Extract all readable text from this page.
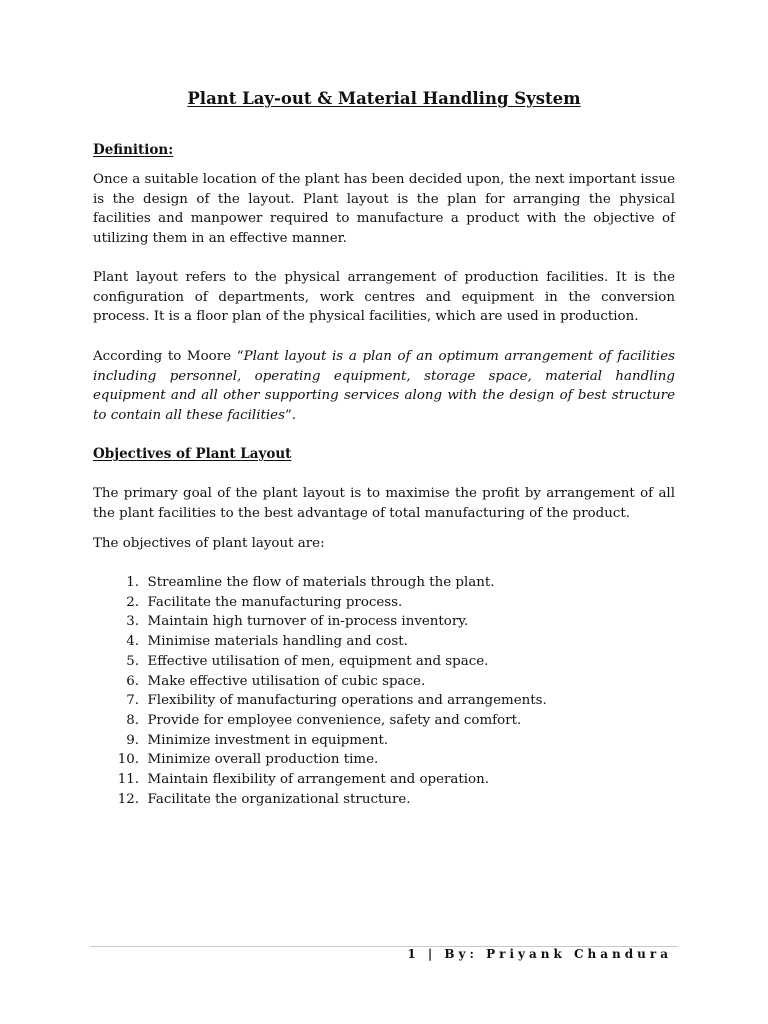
Plant Lay-out & Material Handling System
Definition:

Once a suitable location of the plant has been decided upon, the next important issue is the design of the layout. Plant layout is the plan for arranging the physical facilities and manpower required to manufacture a product with the objective of utilizing them in an effective manner.

Plant layout refers to the physical arrangement of production facilities. It is the configuration of departments, work centres and equipment in the conversion process. It is a floor plan of the physical facilities, which are used in production.

According to Moore “Plant layout is a plan of an optimum arrangement of facilities including personnel, operating equipment, storage space, material handling equipment and all other supporting services along with the design of best structure to contain all these facilities”.

Objectives of Plant Layout

The primary goal of the plant layout is to maximise the profit by arrangement of all the plant facilities to the best advantage of total manufacturing of the product.

The objectives of plant layout are:

1.
Streamline the flow of materials through the plant.
2.
Facilitate the manufacturing process.
3.
Maintain high turnover of in-process inventory.
4.
Minimise materials handling and cost.
5.
Effective utilisation of men, equipment and space.
6.
Make effective utilisation of cubic space.
7.
Flexibility of manufacturing operations and arrangements.
8.
Provide for employee convenience, safety and comfort.
9.
Minimize investment in equipment.
10.
Minimize overall production time.
11.
Maintain flexibility of arrangement and operation.
12.
Facilitate the organizational structure.
1 | By: Priyank Chandura
